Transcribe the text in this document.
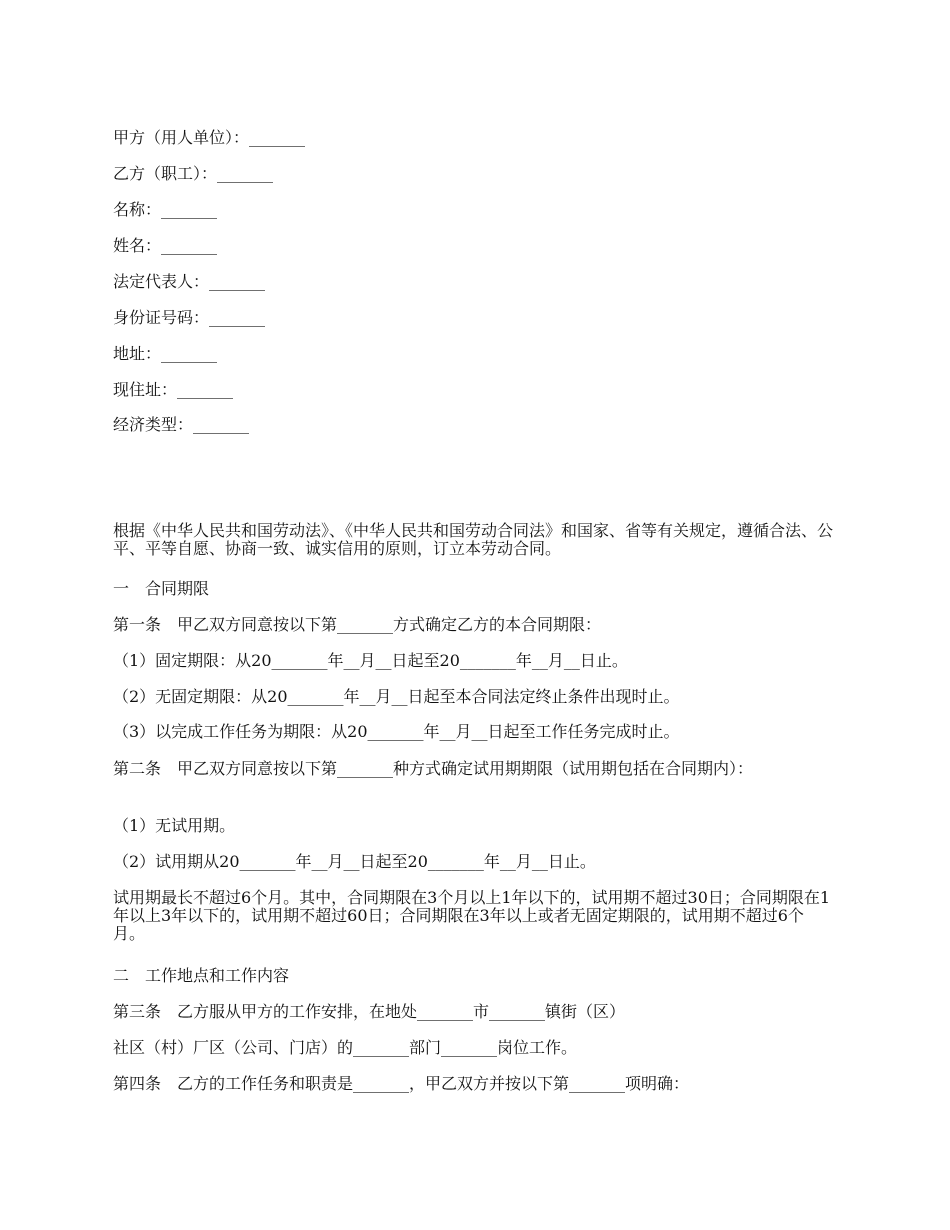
甲方（用人单位）：_______
乙方（职工）：_______
名称：_______
姓名：_______
法定代表人：_______
身份证号码：_______
地址：_______
现住址：_______
经济类型：_______
根据《中华人民共和国劳动法》、《中华人民共和国劳动合同法》和国家、省等有关规定，遵循合法、公平、平等自愿、协商一致、诚实信用的原则，订立本劳动合同。
一　合同期限
第一条　甲乙双方同意按以下第_______方式确定乙方的本合同期限：
（1）固定期限：从20_______年__月__日起至20_______年__月__日止。
（2）无固定期限：从20_______年__月__日起至本合同法定终止条件出现时止。
（3）以完成工作任务为期限：从20_______年__月__日起至工作任务完成时止。
第二条　甲乙双方同意按以下第_______种方式确定试用期期限（试用期包括在合同期内）：
（1）无试用期。
（2）试用期从20_______年__月__日起至20_______年__月__日止。
试用期最长不超过6个月。其中，合同期限在3个月以上1年以下的，试用期不超过30日；合同期限在1年以上3年以下的，试用期不超过60日；合同期限在3年以上或者无固定期限的，试用期不超过6个月。
二　工作地点和工作内容
第三条　乙方服从甲方的工作安排，在地处_______市_______镇街（区）
社区（村）厂区（公司、门店）的_______部门_______岗位工作。
第四条　乙方的工作任务和职责是_______，甲乙双方并按以下第_______项明确：
